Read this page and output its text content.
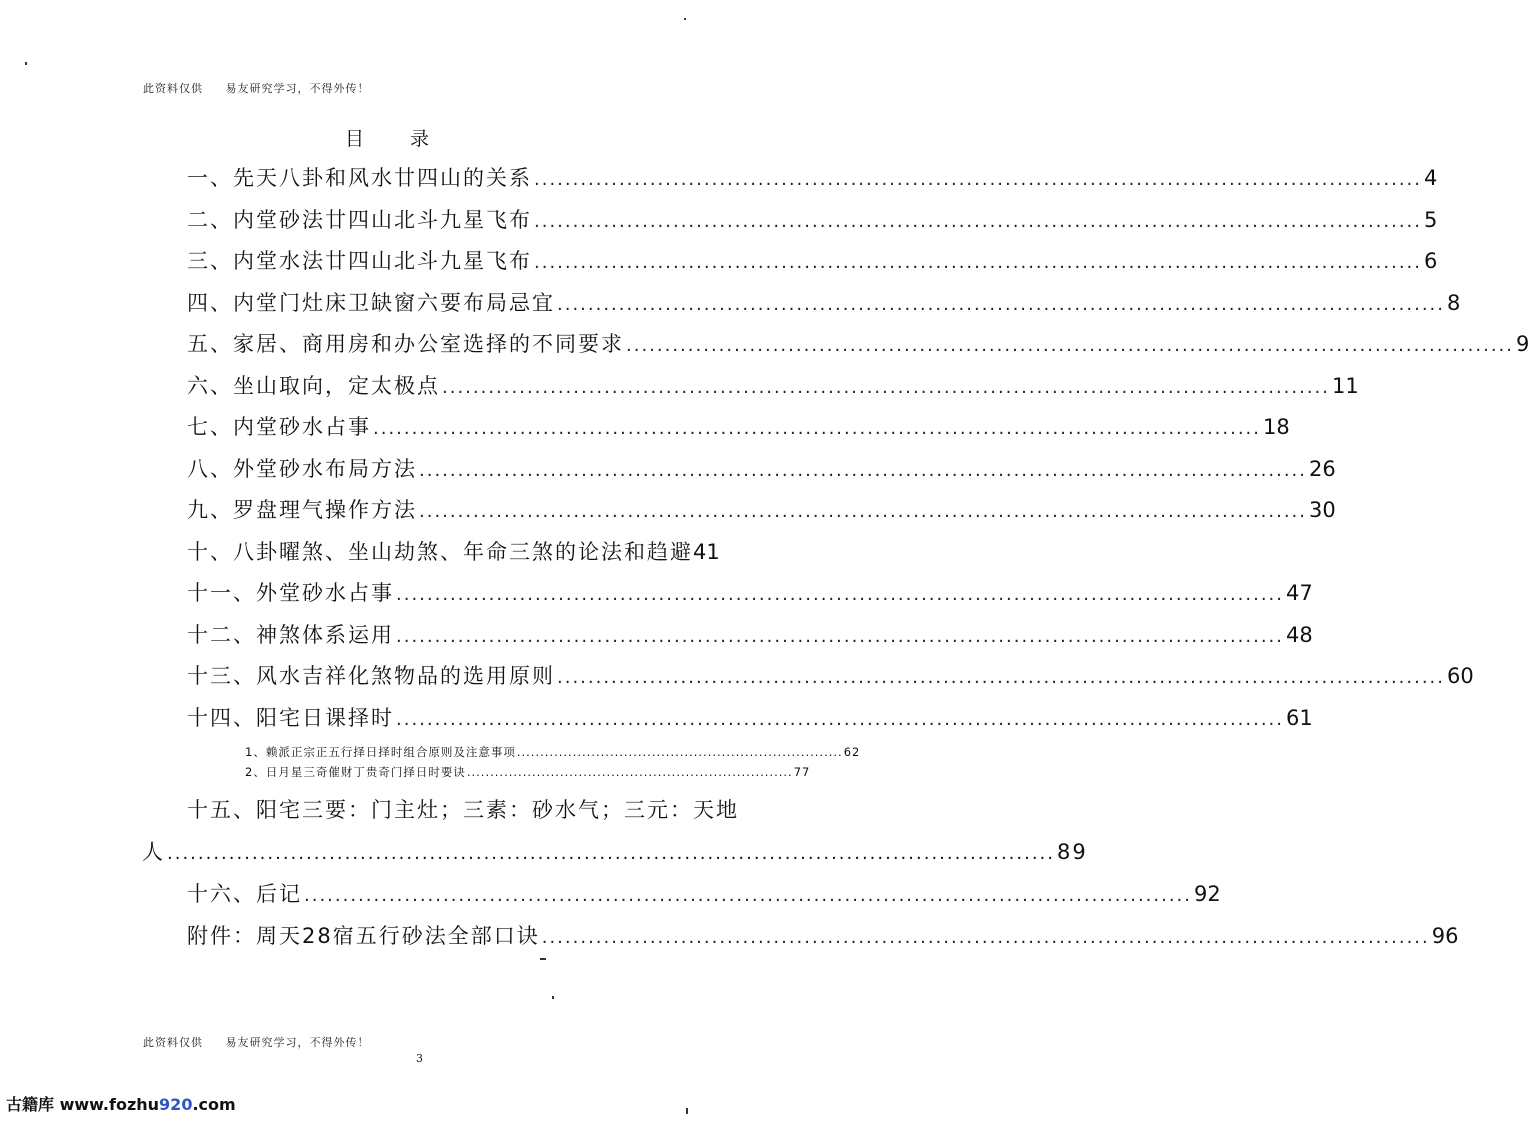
此资料仅供 易友研究学习，不得外传！
目录
一、先天八卦和风水廿四山的关系 .....	4
二、内堂砂法廿四山北斗九星飞布 .....	5
三、内堂水法廿四山北斗九星飞布 .....	6
四、内堂门灶床卫缺窗六要布局忌宜 .....	8
五、家居、商用房和办公室选择的不同要求 .....	9
六、坐山取向，定太极点 .....	11
七、内堂砂水占事 .....	18
八、外堂砂水布局方法 .....	26
九、罗盘理气操作方法 .....	30
十、八卦曜煞、坐山劫煞、年命三煞的论法和趋避 41
十一、外堂砂水占事 .....	47
十二、神煞体系运用 .....	48
十三、风水吉祥化煞物品的选用原则 .....	60
十四、阳宅日课择时 .....	61
1、赖派正宗正五行择日择时组合原则及注意事项 .....	62
2、日月星三奇催财丁贵奇门择日时要诀 .....	77
十五、阳宅三要： 门主灶； 三素： 砂水气； 三元： 天地
人 .....	89
十六、后记 .....	92
附件：周天28宿五行砂法全部口诀 .....	96
此资料仅供 易友研究学习，不得外传！
3
古籍库 www.fozhu920.com
